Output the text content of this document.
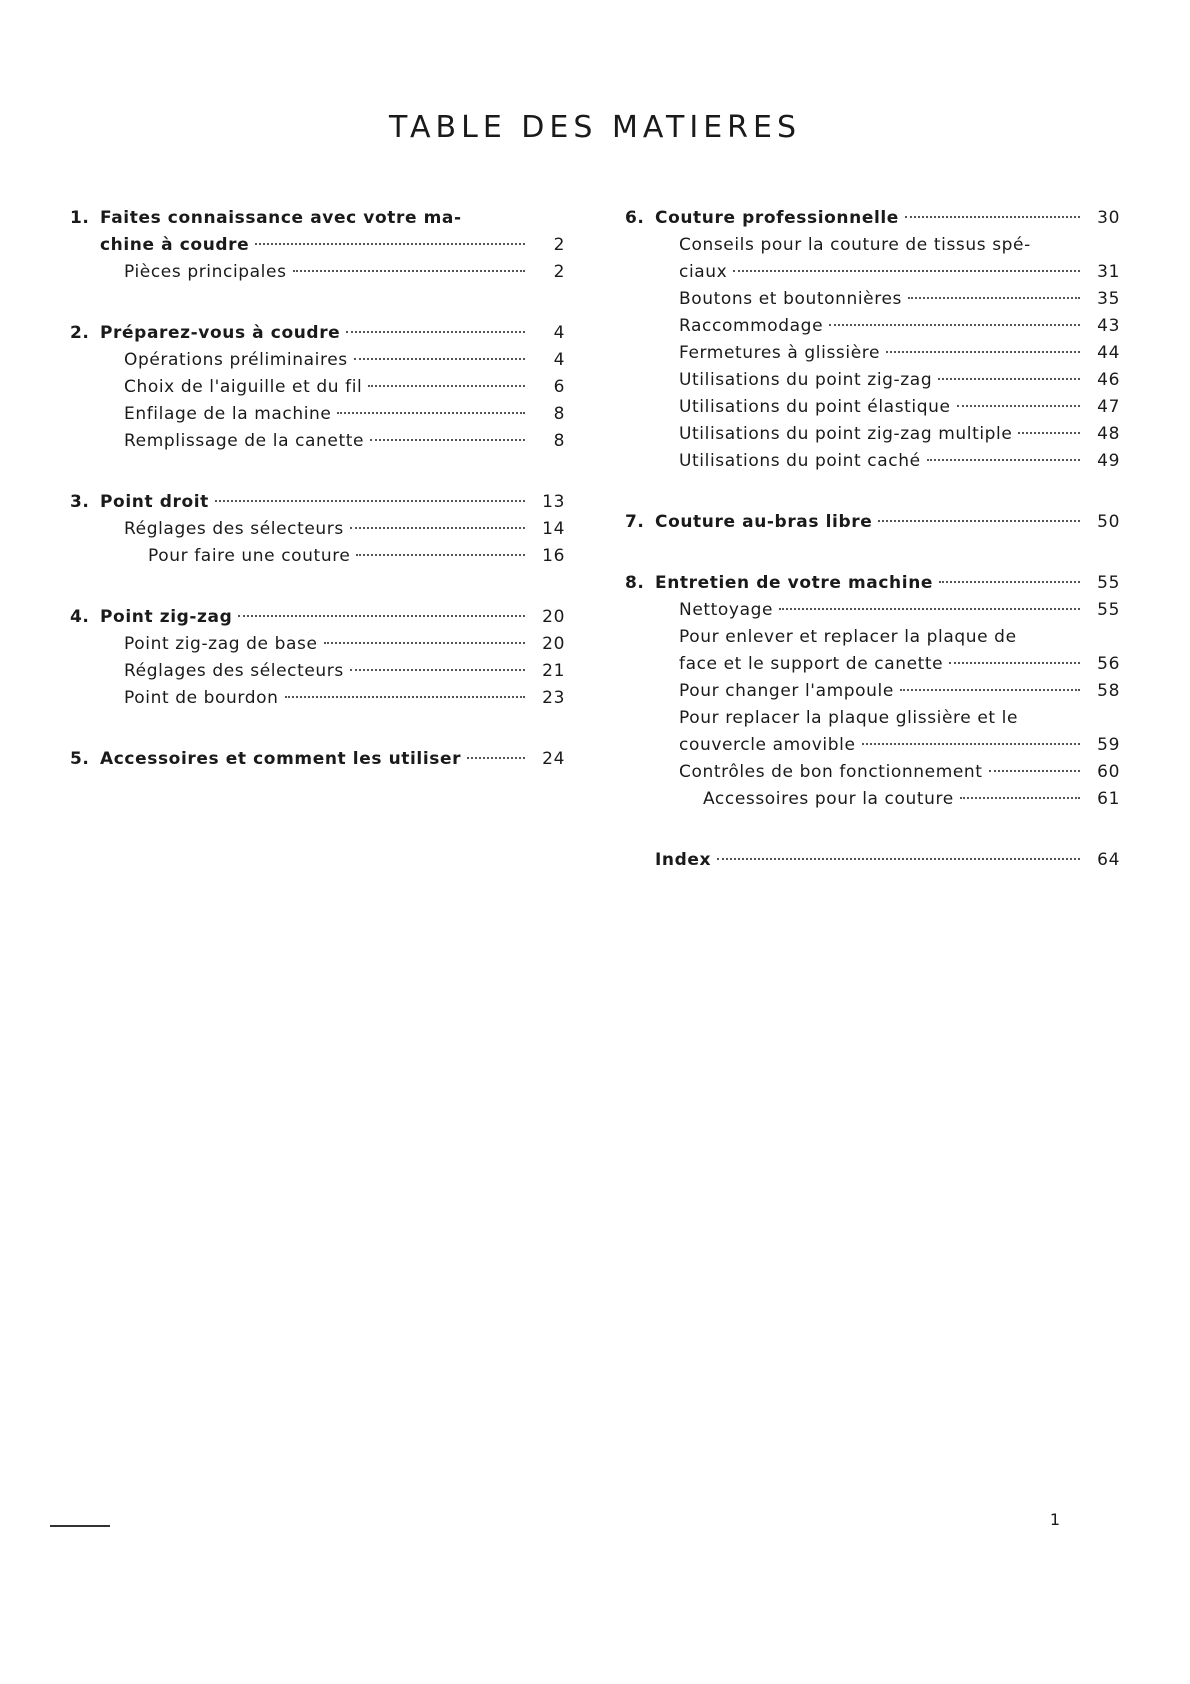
TABLE DES MATIERES
1. Faites connaissance avec votre ma-
chine à coudre	2
Pièces principales	2
2. Préparez-vous à coudre	4
Opérations préliminaires	4
Choix de l'aiguille et du fil	6
Enfilage de la machine	8
Remplissage de la canette	8
3. Point droit	13
Réglages des sélecteurs	14
Pour faire une couture	16
4. Point zig-zag	20
Point zig-zag de base	20
Réglages des sélecteurs	21
Point de bourdon	23
5. Accessoires et comment les utiliser	24
6. Couture professionnelle	30
Conseils pour la couture de tissus spé-
ciaux	31
Boutons et boutonnières	35
Raccommodage	43
Fermetures à glissière	44
Utilisations du point zig-zag	46
Utilisations du point élastique	47
Utilisations du point zig-zag multiple	48
Utilisations du point caché	49
7. Couture au-bras libre	50
8. Entretien de votre machine	55
Nettoyage	55
Pour enlever et replacer la plaque de
face et le support de canette	56
Pour changer l'ampoule	58
Pour replacer la plaque glissière et le
couvercle amovible	59
Contrôles de bon fonctionnement	60
Accessoires pour la couture	61
Index	64
1
